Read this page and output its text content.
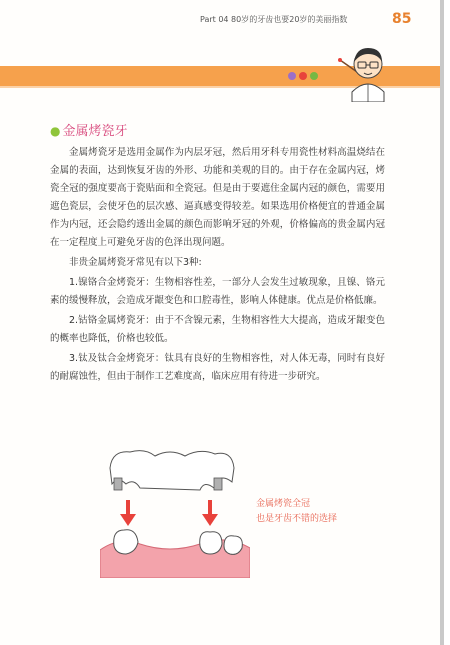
Part 04 80岁的牙齿也要20岁的美丽指数	85
● 金属烤瓷牙

金属烤瓷牙是选用金属作为内层牙冠，然后用牙科专用瓷性材料高温烧结在金属的表面，达到恢复牙齿的外形、功能和美观的目的。由于存在金属内冠，烤瓷全冠的强度要高于瓷贴面和全瓷冠。但是由于要遮住金属内冠的颜色，需要用遮色瓷层，会使牙色的层次感、逼真感变得较差。如果选用价格便宜的普通金属作为内冠，还会隐约透出金属的颜色而影响牙冠的外观，价格偏高的贵金属内冠在一定程度上可避免牙齿的色泽出现问题。

非贵金属烤瓷牙常见有以下3种:

1.镍铬合金烤瓷牙：生物相容性差，一部分人会发生过敏现象，且镍、铬元素的缓慢释放，会造成牙龈变色和口腔毒性，影响人体健康。优点是价格低廉。

2.钴铬金属烤瓷牙：由于不含镍元素，生物相容性大大提高，造成牙龈变色的概率也降低，价格也较低。

3.钛及钛合金烤瓷牙：钛具有良好的生物相容性，对人体无毒，同时有良好的耐腐蚀性，但由于制作工艺难度高，临床应用有待进一步研究。

金属烤瓷全冠
也是牙齿不错的选择
